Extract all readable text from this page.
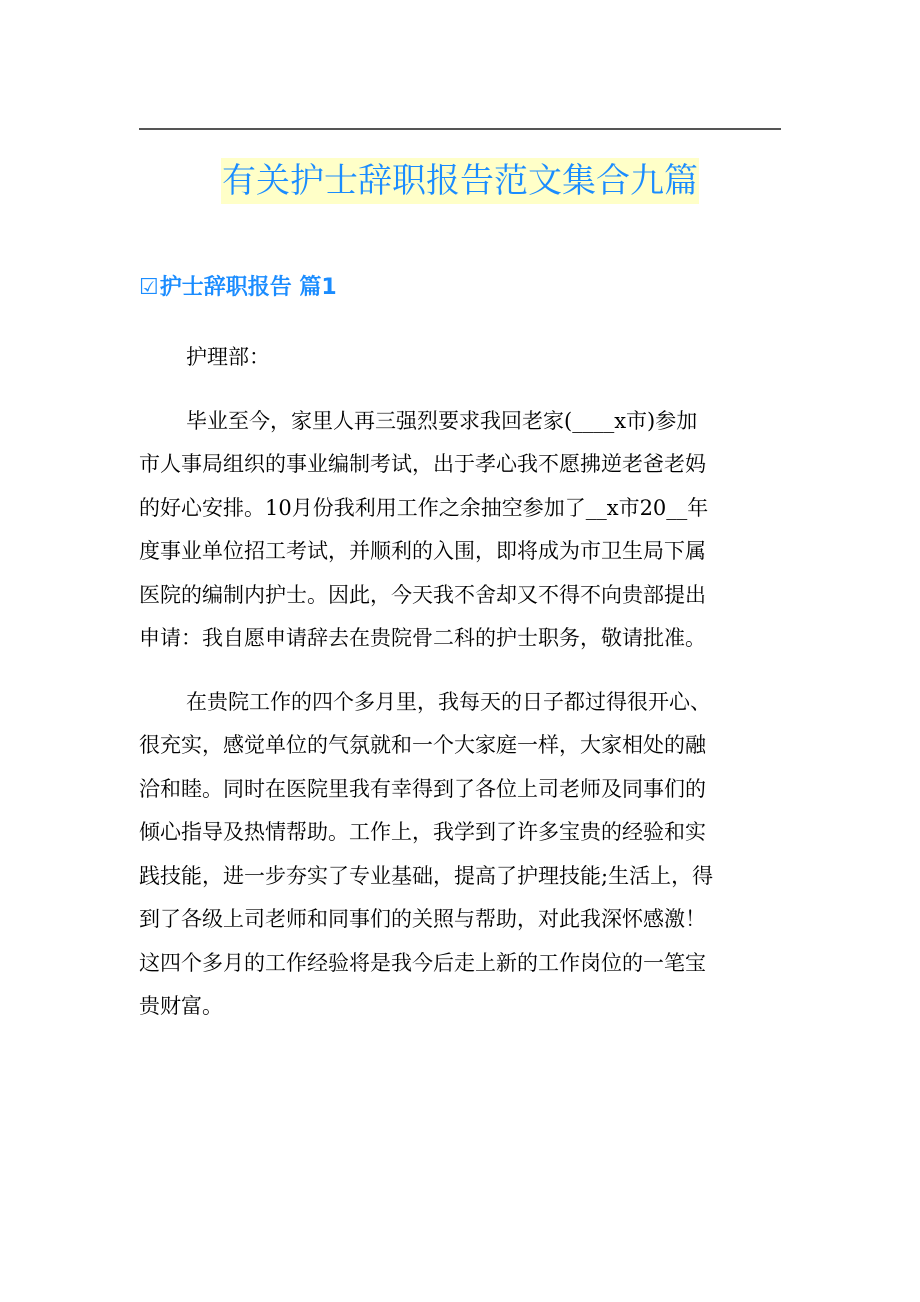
有关护士辞职报告范文集合九篇
☑护士辞职报告 篇1
护理部：
毕业至今，家里人再三强烈要求我回老家(____x市)参加
市人事局组织的事业编制考试，出于孝心我不愿拂逆老爸老妈
的好心安排。10月份我利用工作之余抽空参加了__x市20__年
度事业单位招工考试，并顺利的入围，即将成为市卫生局下属
医院的编制内护士。因此，今天我不舍却又不得不向贵部提出
申请：我自愿申请辞去在贵院骨二科的护士职务，敬请批准。
在贵院工作的四个多月里，我每天的日子都过得很开心、
很充实，感觉单位的气氛就和一个大家庭一样，大家相处的融
洽和睦。同时在医院里我有幸得到了各位上司老师及同事们的
倾心指导及热情帮助。工作上，我学到了许多宝贵的经验和实
践技能，进一步夯实了专业基础，提高了护理技能;生活上，得
到了各级上司老师和同事们的关照与帮助，对此我深怀感激！
这四个多月的工作经验将是我今后走上新的工作岗位的一笔宝
贵财富。
